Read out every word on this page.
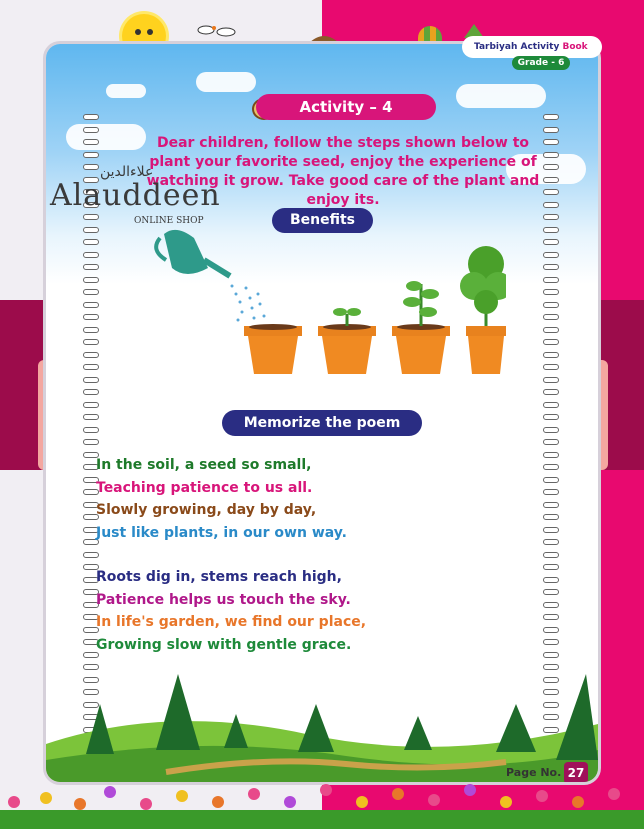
Activity – 4
Dear children, follow the steps shown below to plant your favorite seed, enjoy the experience of watching it grow. Take good care of the plant and enjoy its.
علاءالدین
Alauddeen
ONLINE SHOP	Benefits
Memorize the poem
In the soil, a seed so small,
Teaching patience to us all.
Slowly growing, day by day,
Just like plants, in our own way.
Roots dig in, stems reach high,
Patience helps us touch the sky.
In life's garden, we find our place,
Growing slow with gentle grace.
Page No. 27
Tarbiyah Activity Book
Grade - 6
